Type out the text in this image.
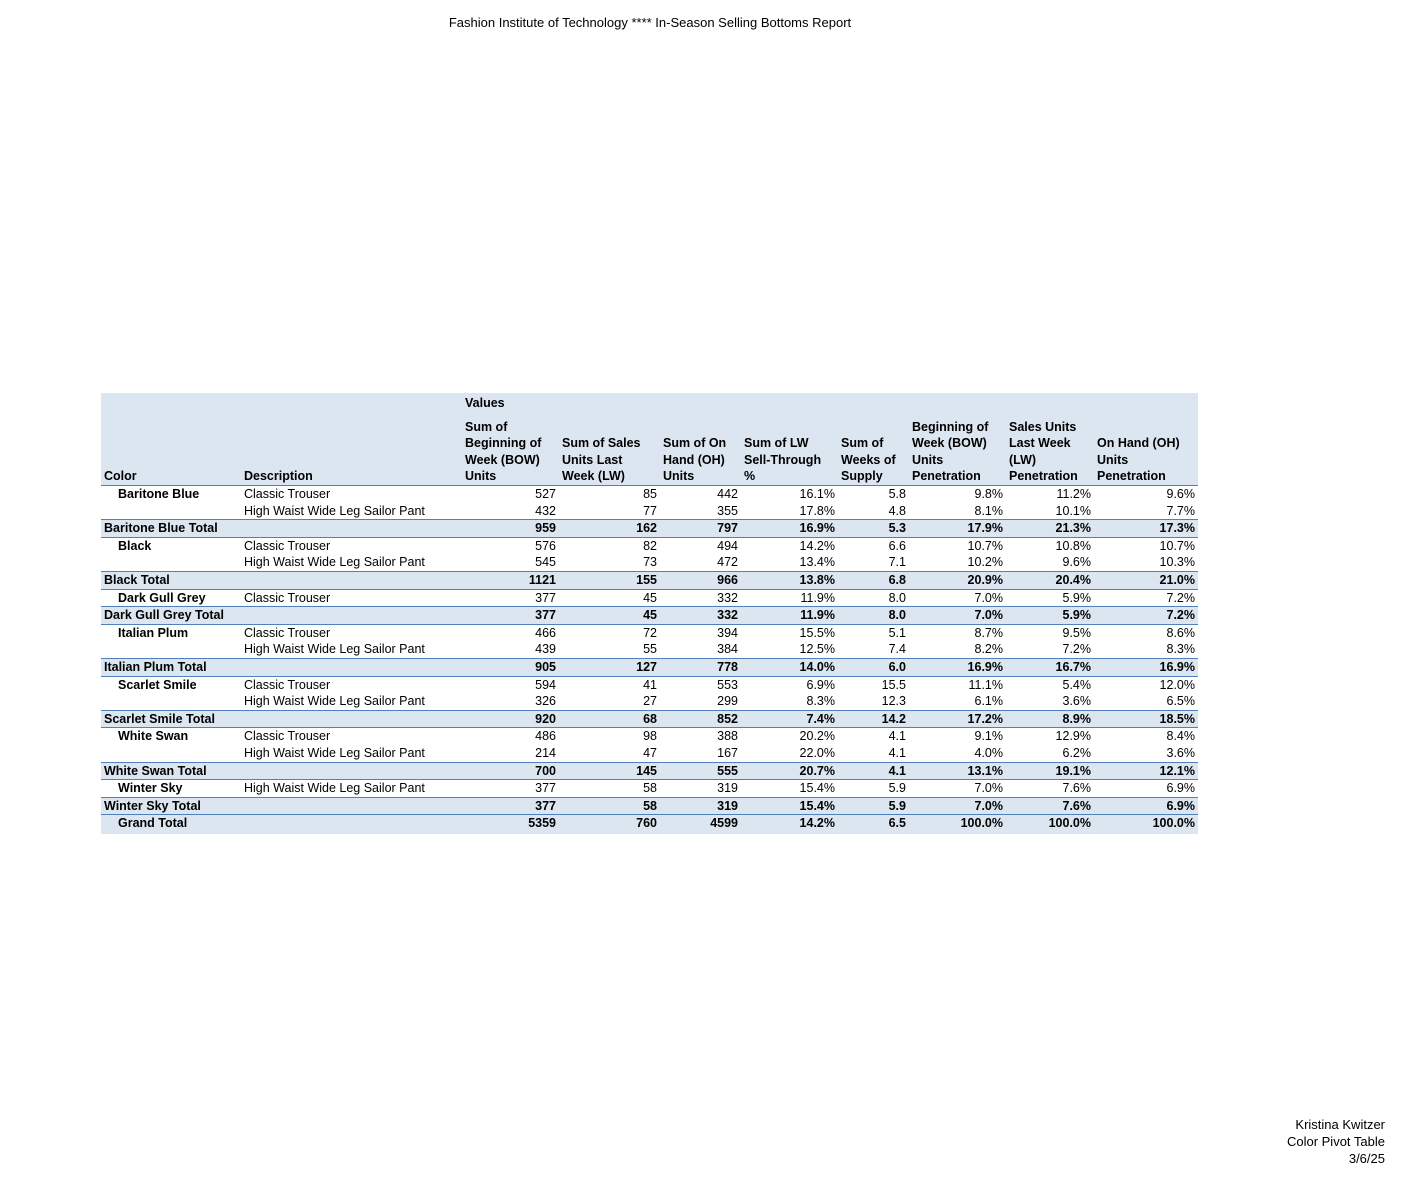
Fashion Institute of Technology **** In-Season Selling Bottoms Report
		Values							
Color	Description	Sum of Beginning of Week (BOW) Units	Sum of Sales Units Last Week (LW)	Sum of On Hand (OH) Units	Sum of LW Sell-Through %	Sum of Weeks of Supply	Beginning of Week (BOW) Units Penetration	Sales Units Last Week (LW) Penetration	On Hand (OH) Units Penetration
Baritone Blue	Classic Trouser	527	85	442	16.1%	5.8	9.8%	11.2%	9.6%
	High Waist Wide Leg Sailor Pant	432	77	355	17.8%	4.8	8.1%	10.1%	7.7%
Baritone Blue Total		959	162	797	16.9%	5.3	17.9%	21.3%	17.3%
Black	Classic Trouser	576	82	494	14.2%	6.6	10.7%	10.8%	10.7%
	High Waist Wide Leg Sailor Pant	545	73	472	13.4%	7.1	10.2%	9.6%	10.3%
Black Total		1121	155	966	13.8%	6.8	20.9%	20.4%	21.0%
Dark Gull Grey	Classic Trouser	377	45	332	11.9%	8.0	7.0%	5.9%	7.2%
Dark Gull Grey Total		377	45	332	11.9%	8.0	7.0%	5.9%	7.2%
Italian Plum	Classic Trouser	466	72	394	15.5%	5.1	8.7%	9.5%	8.6%
	High Waist Wide Leg Sailor Pant	439	55	384	12.5%	7.4	8.2%	7.2%	8.3%
Italian Plum Total		905	127	778	14.0%	6.0	16.9%	16.7%	16.9%
Scarlet Smile	Classic Trouser	594	41	553	6.9%	15.5	11.1%	5.4%	12.0%
	High Waist Wide Leg Sailor Pant	326	27	299	8.3%	12.3	6.1%	3.6%	6.5%
Scarlet Smile Total		920	68	852	7.4%	14.2	17.2%	8.9%	18.5%
White Swan	Classic Trouser	486	98	388	20.2%	4.1	9.1%	12.9%	8.4%
	High Waist Wide Leg Sailor Pant	214	47	167	22.0%	4.1	4.0%	6.2%	3.6%
White Swan Total		700	145	555	20.7%	4.1	13.1%	19.1%	12.1%
Winter Sky	High Waist Wide Leg Sailor Pant	377	58	319	15.4%	5.9	7.0%	7.6%	6.9%
Winter Sky Total		377	58	319	15.4%	5.9	7.0%	7.6%	6.9%
Grand Total		5359	760	4599	14.2%	6.5	100.0%	100.0%	100.0%
Kristina Kwitzer
Color Pivot Table
3/6/25
